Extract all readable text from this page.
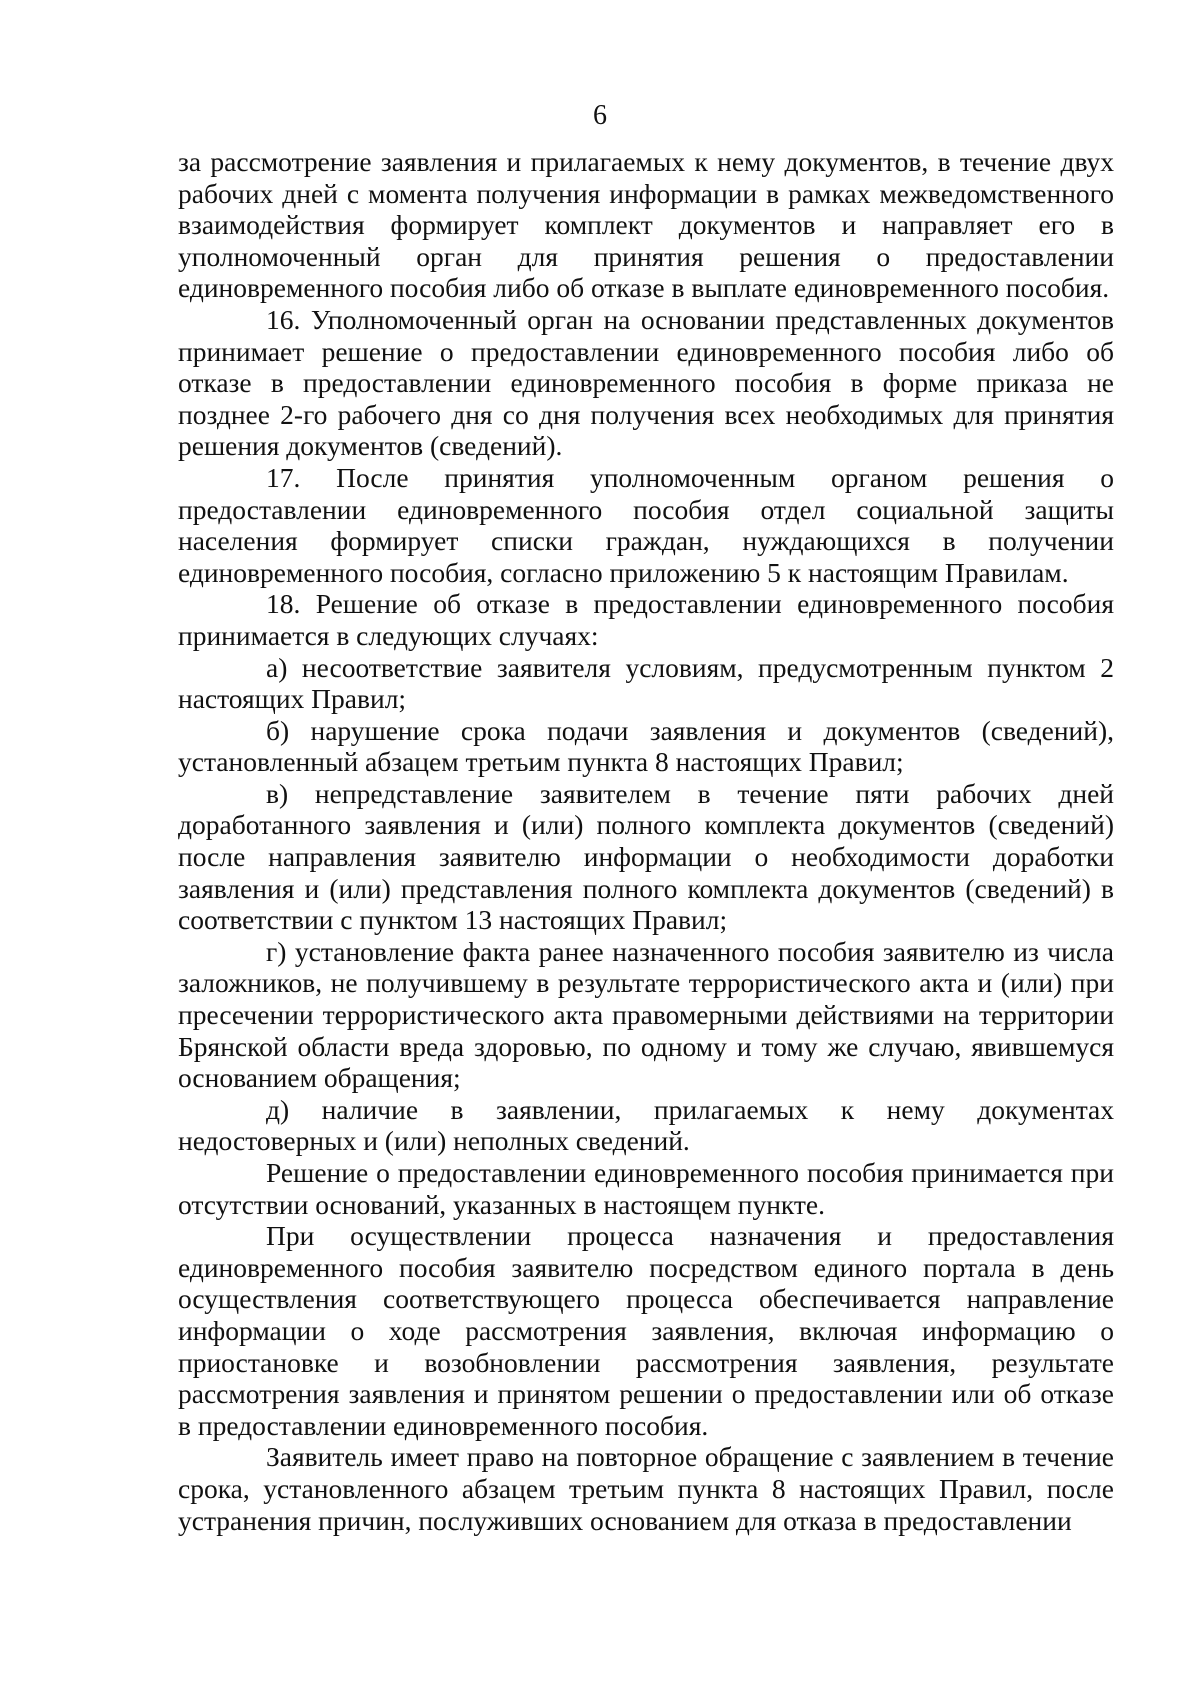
6

за рассмотрение заявления и прилагаемых к нему документов, в течение двух рабочих дней с момента получения информации в рамках межведомственного взаимодействия формирует комплект документов и направляет его в уполномоченный орган для принятия решения о предоставлении единовременного пособия либо об отказе в выплате единовременного пособия.

16. Уполномоченный орган на основании представленных документов принимает решение о предоставлении единовременного пособия либо об отказе в предоставлении единовременного пособия в форме приказа не позднее 2-го рабочего дня со дня получения всех необходимых для принятия решения документов (сведений).

17. После принятия уполномоченным органом решения о предоставлении единовременного пособия отдел социальной защиты населения формирует списки граждан, нуждающихся в получении единовременного пособия, согласно приложению 5 к настоящим Правилам.

18. Решение об отказе в предоставлении единовременного пособия принимается в следующих случаях:

а) несоответствие заявителя условиям, предусмотренным пунктом 2 настоящих Правил;

б) нарушение срока подачи заявления и документов (сведений), установленный абзацем третьим пункта 8 настоящих Правил;

в) непредставление заявителем в течение пяти рабочих дней доработанного заявления и (или) полного комплекта документов (сведений) после направления заявителю информации о необходимости доработки заявления и (или) представления полного комплекта документов (сведений) в соответствии с пунктом 13 настоящих Правил;

г) установление факта ранее назначенного пособия заявителю из числа заложников, не получившему в результате террористического акта и (или) при пресечении террористического акта правомерными действиями на территории Брянской области вреда здоровью, по одному и тому же случаю, явившемуся основанием обращения;

д) наличие в заявлении, прилагаемых к нему документах недостоверных и (или) неполных сведений.

Решение о предоставлении единовременного пособия принимается при отсутствии оснований, указанных в настоящем пункте.

При осуществлении процесса назначения и предоставления единовременного пособия заявителю посредством единого портала в день осуществления соответствующего процесса обеспечивается направление информации о ходе рассмотрения заявления, включая информацию о приостановке и возобновлении рассмотрения заявления, результате рассмотрения заявления и принятом решении о предоставлении или об отказе в предоставлении единовременного пособия.

Заявитель имеет право на повторное обращение с заявлением в течение срока, установленного абзацем третьим пункта 8 настоящих Правил, после устранения причин, послуживших основанием для отказа в предоставлении
